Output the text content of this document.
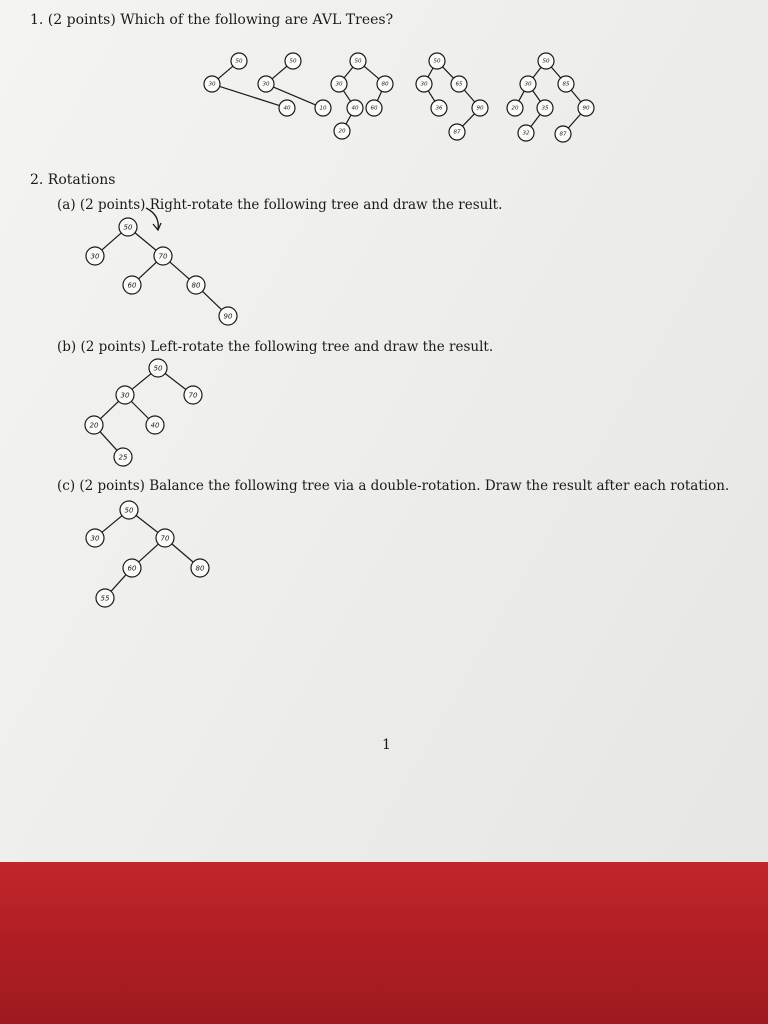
1. (2 points) Which of the following are AVL Trees?
50
30
40
50
30
10
50
30	80
40 60
20
50
30	65
36	90
87
50
30	85
20	35	90
32	87
2. Rotations
(a) (2 points) Right-rotate the following tree and draw the result.
50
30	70
60	80
90
(b) (2 points) Left-rotate the following tree and draw the result.
50
30	70
20	40
25
(c) (2 points) Balance the following tree via a double-rotation. Draw the result after each rotation.
50
30	70
60	80
55
1
